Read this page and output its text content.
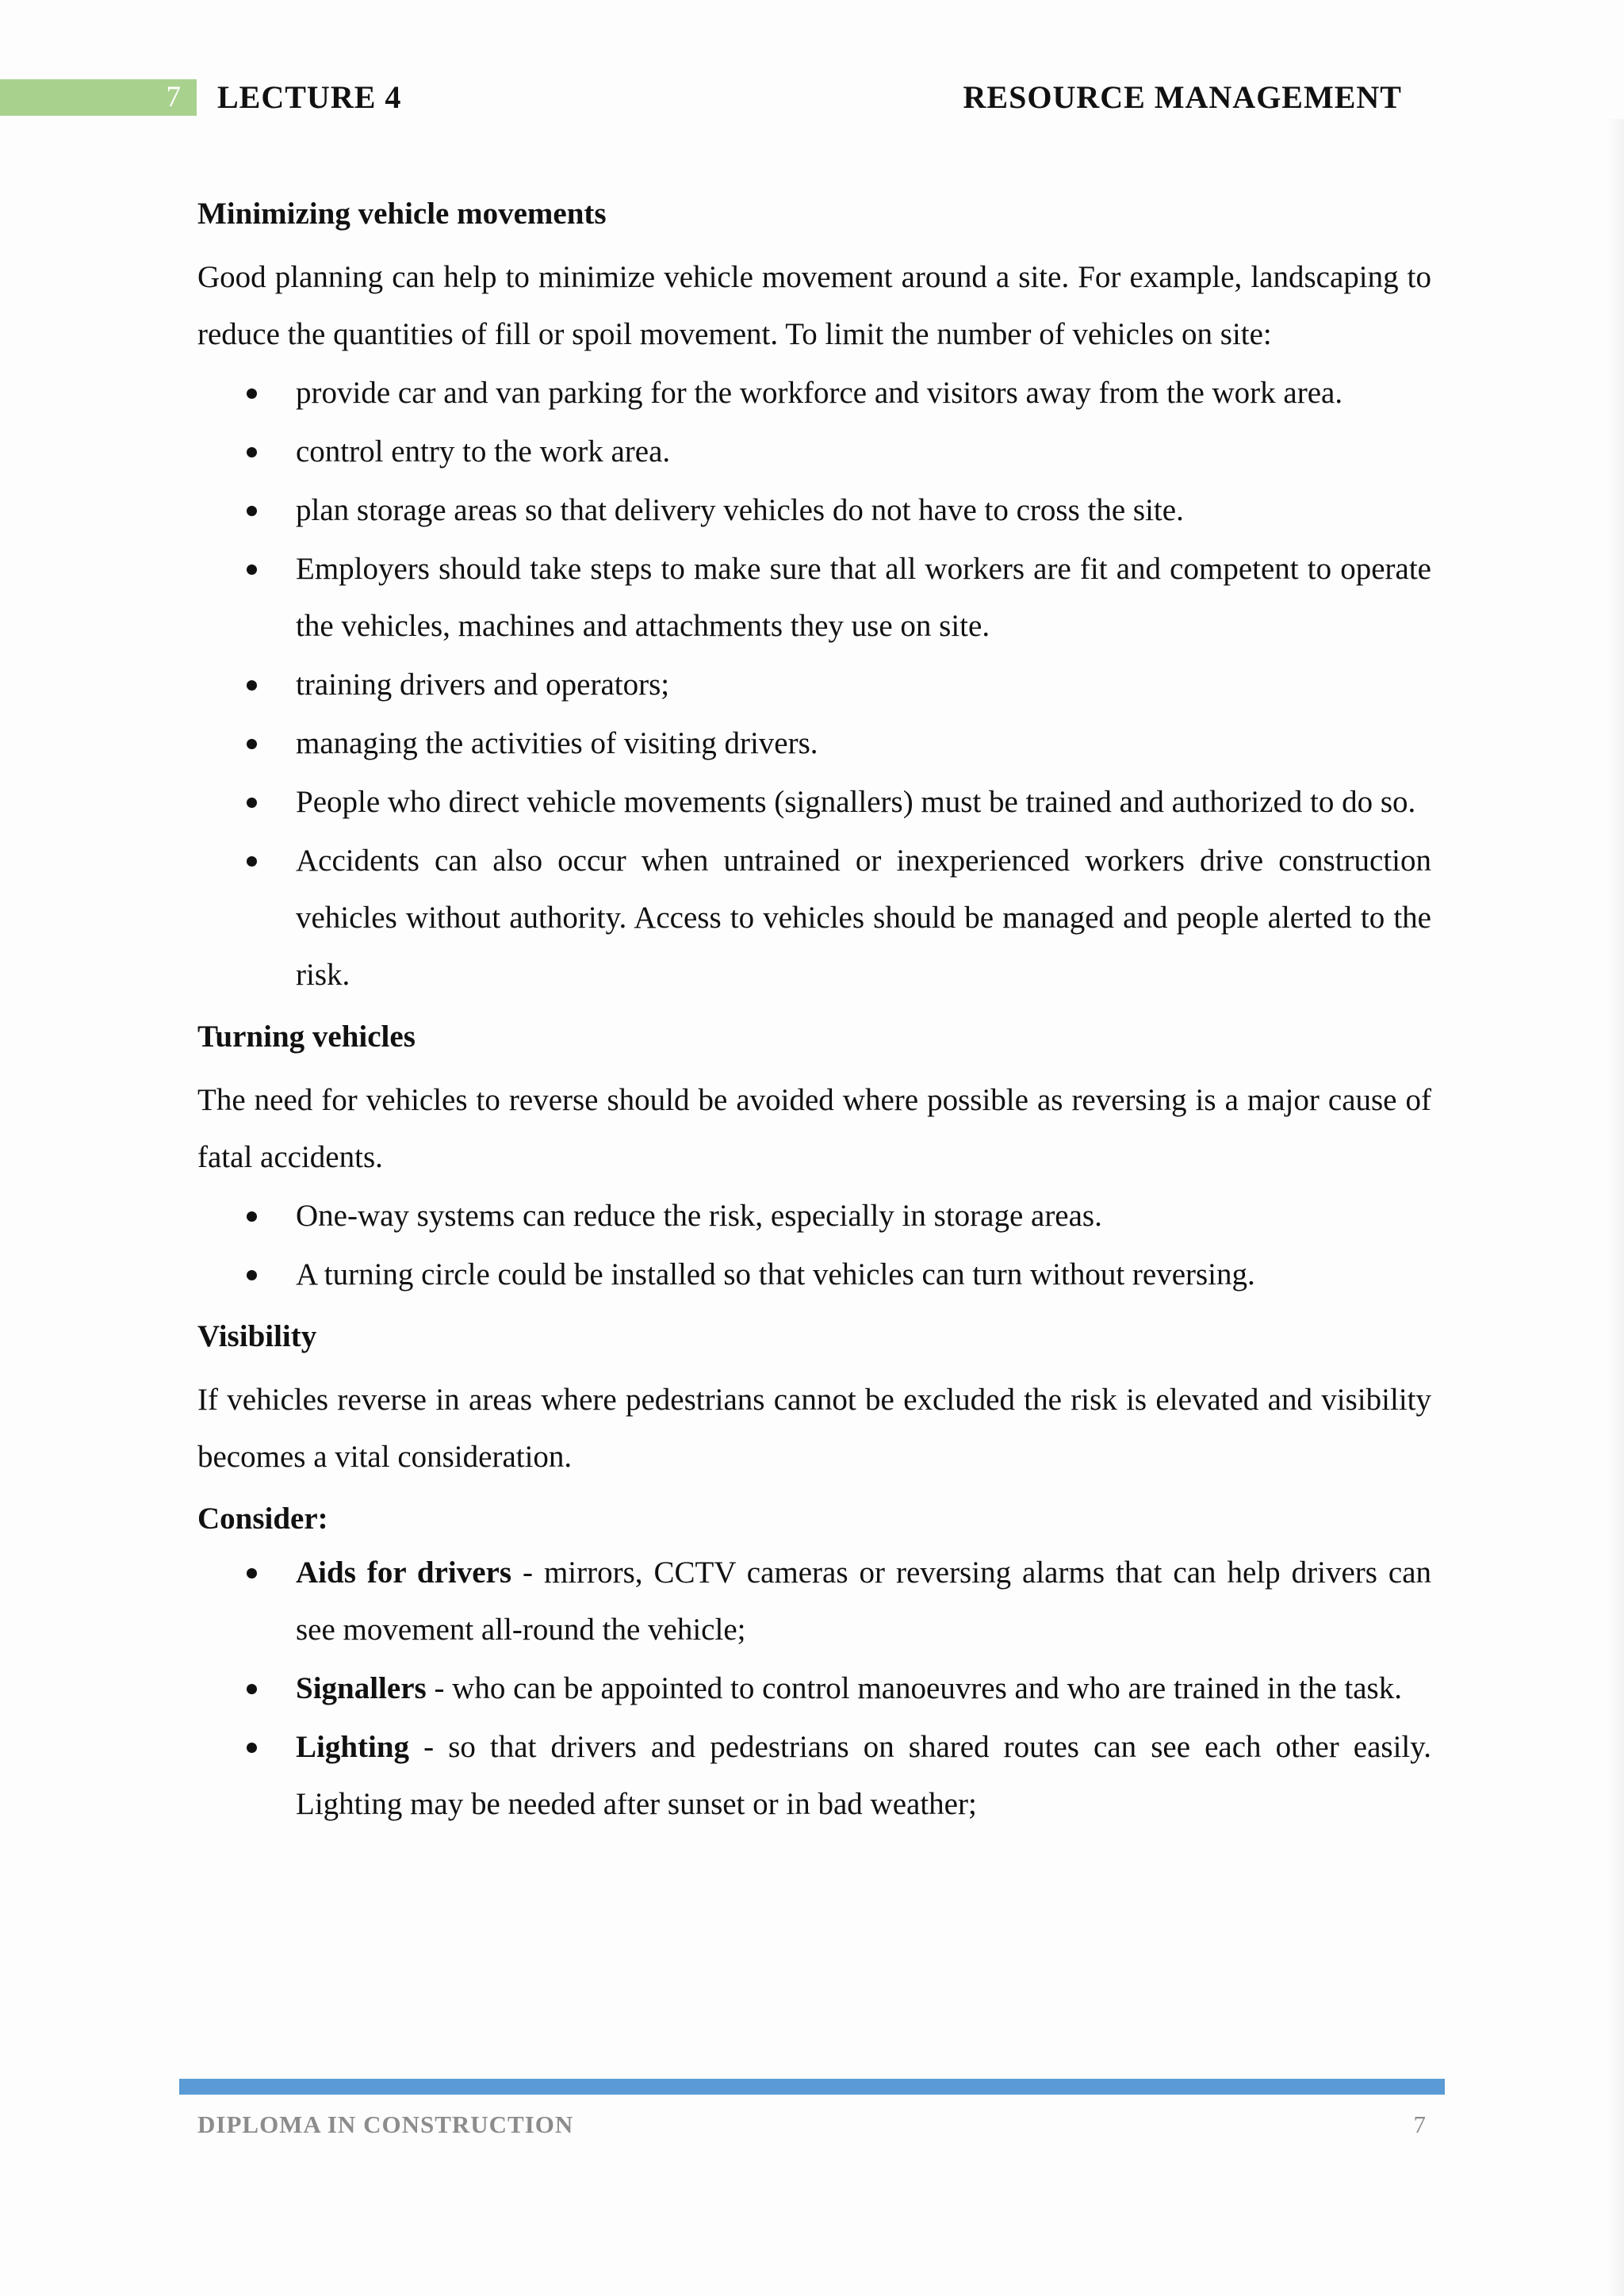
7 LECTURE 4	RESOURCE MANAGEMENT

Minimizing vehicle movements

Good planning can help to minimize vehicle movement around a site. For example, landscaping to reduce the quantities of fill or spoil movement. To limit the number of vehicles on site:

provide car and van parking for the workforce and visitors away from the work area.
control entry to the work area.
plan storage areas so that delivery vehicles do not have to cross the site.
Employers should take steps to make sure that all workers are fit and competent to operate the vehicles, machines and attachments they use on site.
training drivers and operators;
managing the activities of visiting drivers.
People who direct vehicle movements (signallers) must be trained and authorized to do so.
Accidents can also occur when untrained or inexperienced workers drive construction vehicles without authority. Access to vehicles should be managed and people alerted to the risk.

Turning vehicles

The need for vehicles to reverse should be avoided where possible as reversing is a major cause of fatal accidents.

One-way systems can reduce the risk, especially in storage areas.
A turning circle could be installed so that vehicles can turn without reversing.

Visibility

If vehicles reverse in areas where pedestrians cannot be excluded the risk is elevated and visibility becomes a vital consideration.

Consider:

Aids for drivers - mirrors, CCTV cameras or reversing alarms that can help drivers can see movement all-round the vehicle;
Signallers - who can be appointed to control manoeuvres and who are trained in the task.
Lighting - so that drivers and pedestrians on shared routes can see each other easily. Lighting may be needed after sunset or in bad weather;
DIPLOMA IN CONSTRUCTION	7
